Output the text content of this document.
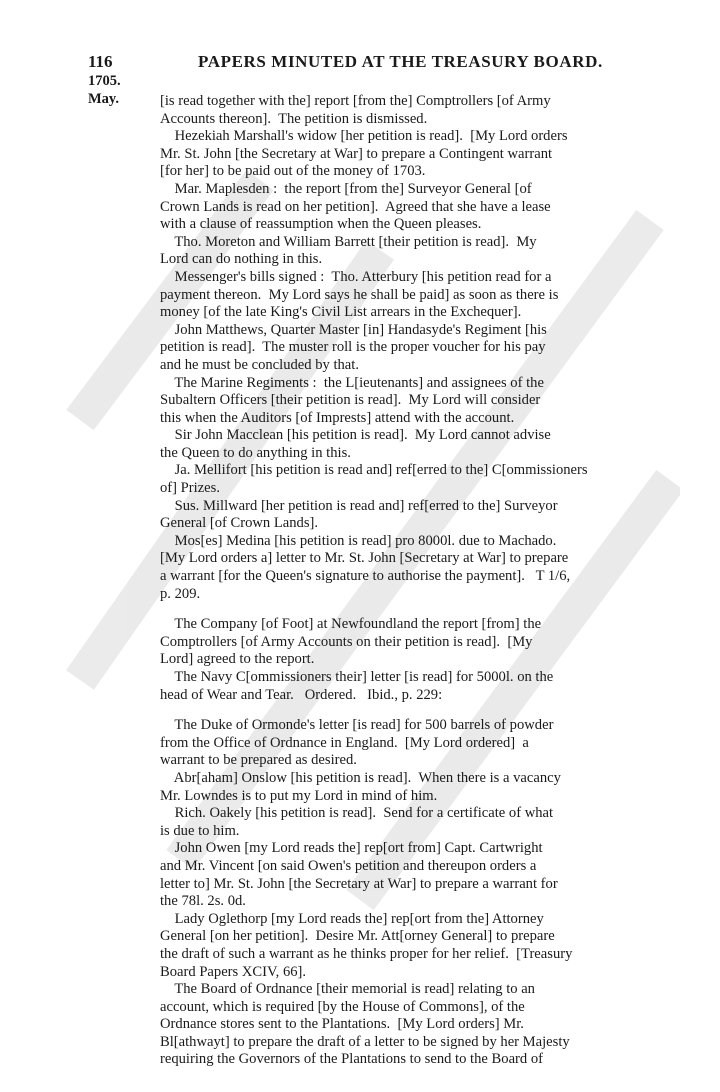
116	PAPERS MINUTED AT THE TREASURY BOARD.
1705.
May.	[is read together with the] report [from the] Comptrollers [of Army
Accounts thereon].  The petition is dismissed.
Hezekiah Marshall's widow [her petition is read].  [My Lord orders
Mr. St. John [the Secretary at War] to prepare a Contingent warrant
[for her] to be paid out of the money of 1703.
Mar. Maplesden :  the report [from the] Surveyor General [of
Crown Lands is read on her petition].  Agreed that she have a lease
with a clause of reassumption when the Queen pleases.
Tho. Moreton and William Barrett [their petition is read].  My
Lord can do nothing in this.
Messenger's bills signed :  Tho. Atterbury [his petition read for a
payment thereon.  My Lord says he shall be paid] as soon as there is
money [of the late King's Civil List arrears in the Exchequer].
John Matthews, Quarter Master [in] Handasyde's Regiment [his
petition is read].  The muster roll is the proper voucher for his pay
and he must be concluded by that.
The Marine Regiments :  the L[ieutenants] and assignees of the
Subaltern Officers [their petition is read].  My Lord will consider
this when the Auditors [of Imprests] attend with the account.
Sir John Macclean [his petition is read].  My Lord cannot advise
the Queen to do anything in this.
Ja. Mellifort [his petition is read and] ref[erred to the] C[ommissioners
of] Prizes.
Sus. Millward [her petition is read and] ref[erred to the] Surveyor
General [of Crown Lands].
Mos[es] Medina [his petition is read] pro 8000l. due to Machado.
[My Lord orders a] letter to Mr. St. John [Secretary at War] to prepare
a warrant [for the Queen's signature to authorise the payment].   T 1/6,
p. 209.
The Company [of Foot] at Newfoundland the report [from] the
Comptrollers [of Army Accounts on their petition is read].  [My
Lord] agreed to the report.
The Navy C[ommissioners their] letter [is read] for 5000l. on the
head of Wear and Tear.   Ordered.   Ibid., p. 229:
The Duke of Ormonde's letter [is read] for 500 barrels of powder
from the Office of Ordnance in England.  [My Lord ordered]  a
warrant to be prepared as desired.
Abr[aham] Onslow [his petition is read].  When there is a vacancy
Mr. Lowndes is to put my Lord in mind of him.
Rich. Oakely [his petition is read].  Send for a certificate of what
is due to him.
John Owen [my Lord reads the] rep[ort from] Capt. Cartwright
and Mr. Vincent [on said Owen's petition and thereupon orders a
letter to] Mr. St. John [the Secretary at War] to prepare a warrant for
the 78l. 2s. 0d.
Lady Oglethorp [my Lord reads the] rep[ort from the] Attorney
General [on her petition].  Desire Mr. Att[orney General] to prepare
the draft of such a warrant as he thinks proper for her relief.  [Treasury
Board Papers XCIV, 66].
The Board of Ordnance [their memorial is read] relating to an
account, which is required [by the House of Commons], of the
Ordnance stores sent to the Plantations.  [My Lord orders] Mr.
Bl[athwayt] to prepare the draft of a letter to be signed by her Majesty
requiring the Governors of the Plantations to send to the Board of
